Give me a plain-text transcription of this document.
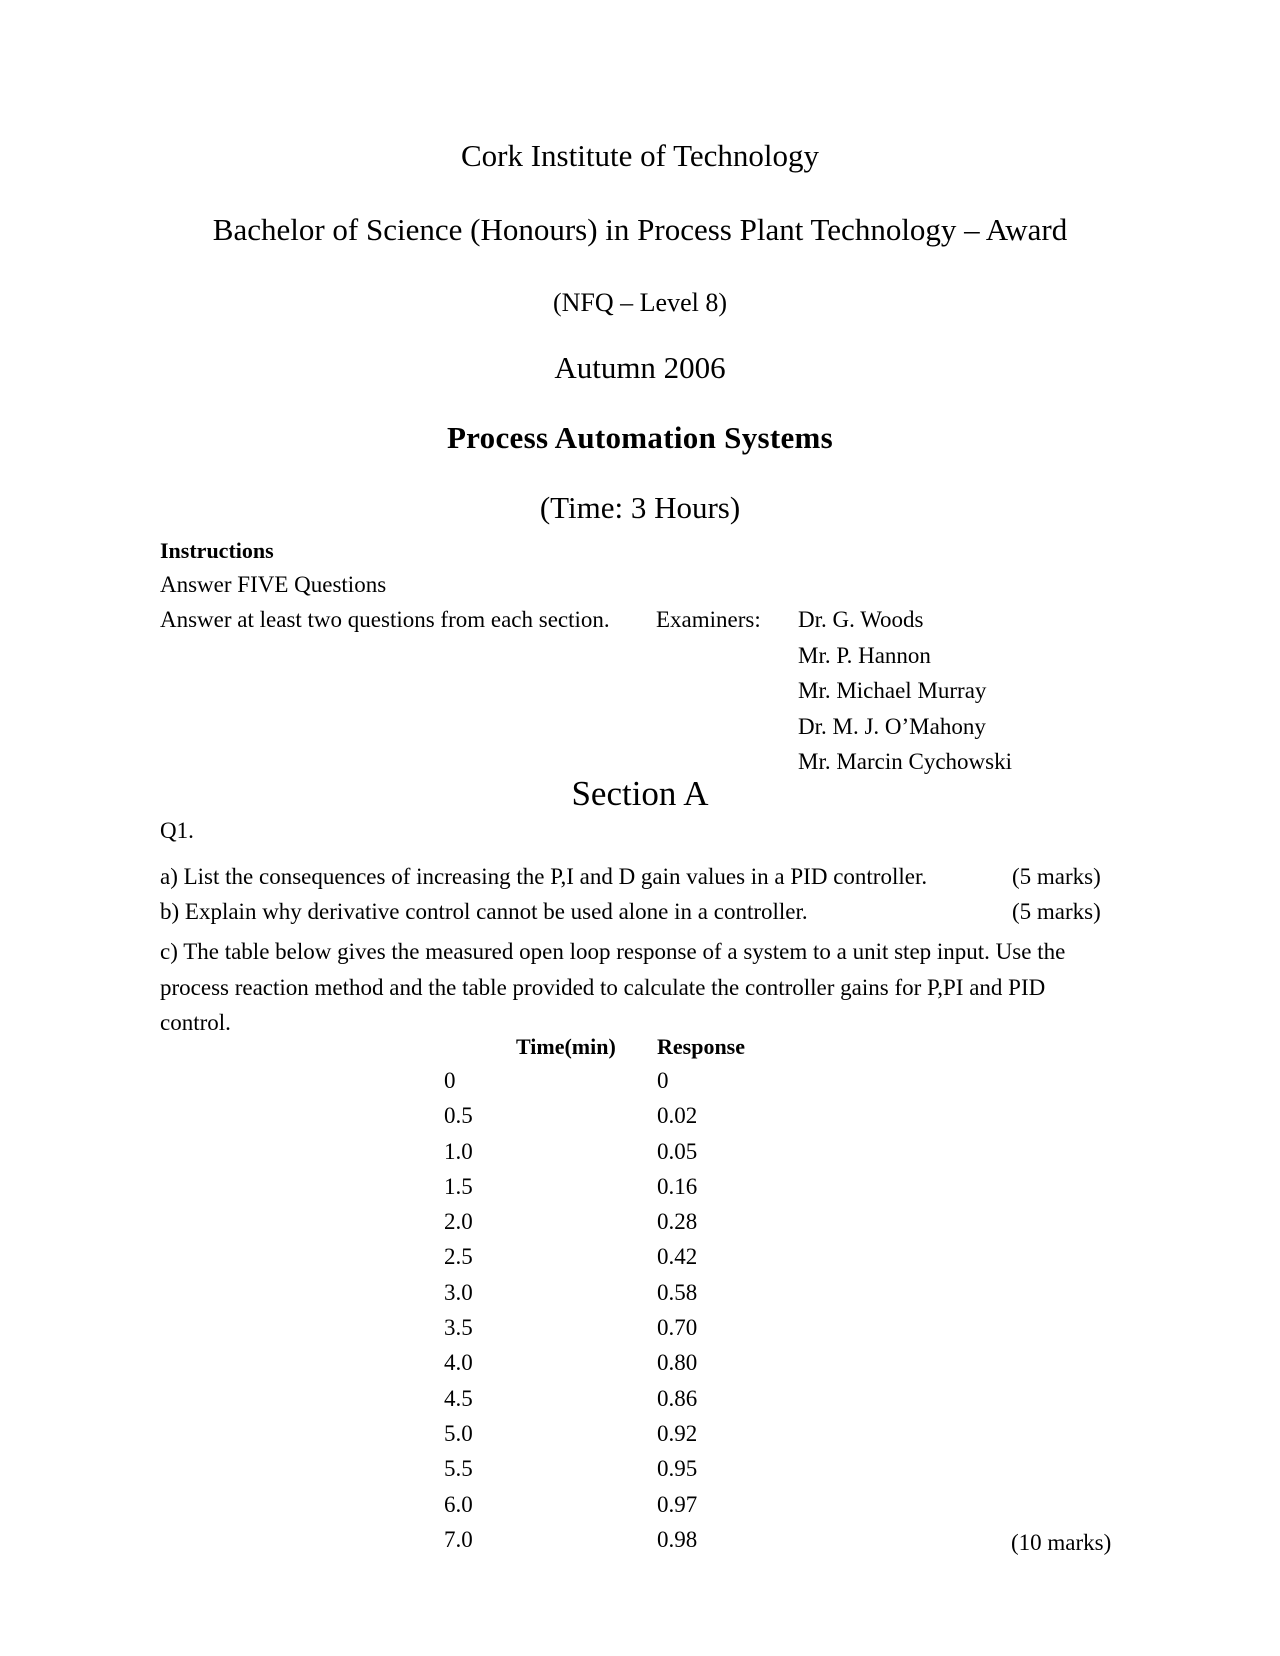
Cork Institute of Technology
Bachelor of Science (Honours) in Process Plant Technology – Award
(NFQ – Level 8)
Autumn 2006
Process Automation Systems
(Time: 3 Hours)
Instructions
Answer FIVE Questions
Answer at least two questions from each section. Examiners: Dr. G. Woods
Mr. P. Hannon
Mr. Michael Murray
Dr. M. J. O’Mahony
Mr. Marcin Cychowski
Section A
Q1.
a) List the consequences of increasing the P,I and D gain values in a PID controller.	(5 marks)
b) Explain why derivative control cannot be used alone in a controller.	(5 marks)
c) The table below gives the measured open loop response of a system to a unit step input. Use the process reaction method and the table provided to calculate the controller gains for P,PI and PID control.
Time(min) Response
0	0
0.5	0.02
1.0	0.05
1.5	0.16
2.0	0.28
2.5	0.42
3.0	0.58
3.5	0.70
4.0	0.80
4.5	0.86
5.0	0.92
5.5	0.95
6.0	0.97
7.0	0.98	(10 marks)
